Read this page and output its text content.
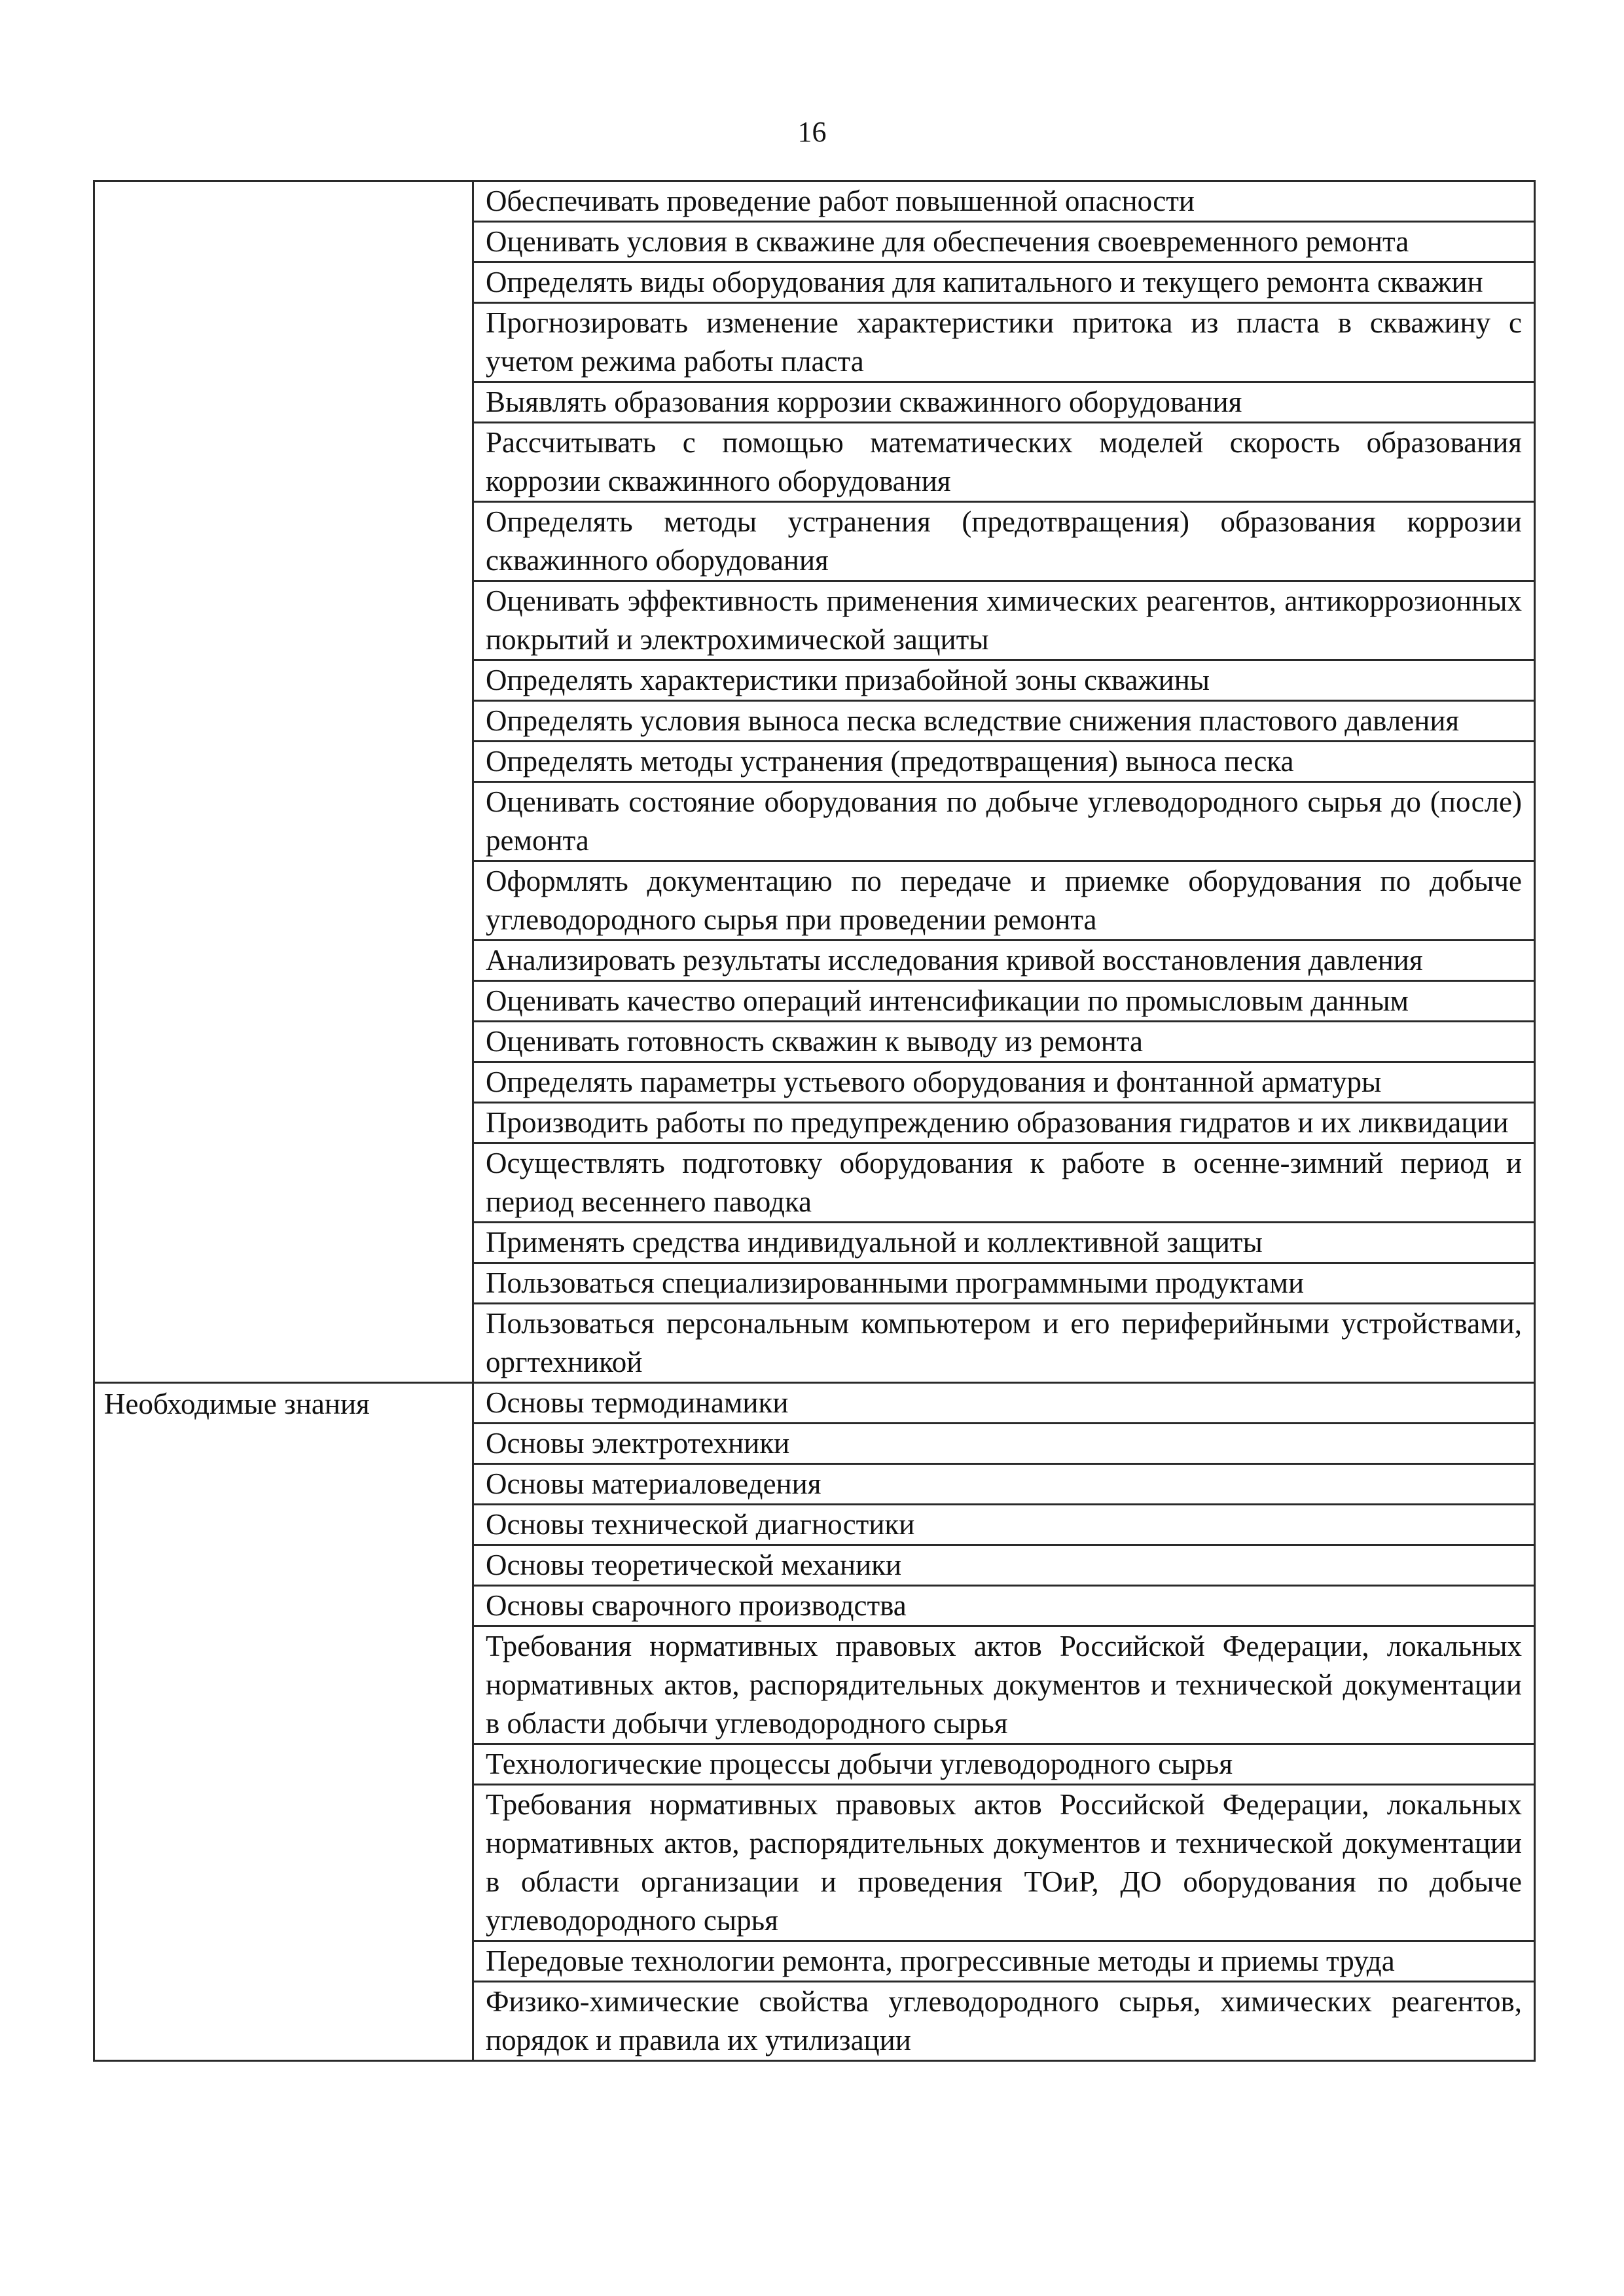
16
	Обеспечивать проведение работ повышенной опасности
	Оценивать условия в скважине для обеспечения своевременного ремонта
	Определять виды оборудования для капитального и текущего ремонта скважин
	Прогнозировать изменение характеристики притока из пласта в скважину с учетом режима работы пласта
	Выявлять образования коррозии скважинного оборудования
	Рассчитывать с помощью математических моделей скорость образования коррозии скважинного оборудования
	Определять методы устранения (предотвращения) образования коррозии скважинного оборудования
	Оценивать эффективность применения химических реагентов, антикоррозионных покрытий и электрохимической защиты
	Определять характеристики призабойной зоны скважины
	Определять условия выноса песка вследствие снижения пластового давления
	Определять методы устранения (предотвращения) выноса песка
	Оценивать состояние оборудования по добыче углеводородного сырья до (после) ремонта
	Оформлять документацию по передаче и приемке оборудования по добыче углеводородного сырья при проведении ремонта
	Анализировать результаты исследования кривой восстановления давления
	Оценивать качество операций интенсификации по промысловым данным
	Оценивать готовность скважин к выводу из ремонта
	Определять параметры устьевого оборудования и фонтанной арматуры
	Производить работы по предупреждению образования гидратов и их ликвидации
	Осуществлять подготовку оборудования к работе в осенне-зимний период и период весеннего паводка
	Применять средства индивидуальной и коллективной защиты
	Пользоваться специализированными программными продуктами
	Пользоваться персональным компьютером и его периферийными устройствами, оргтехникой
Необходимые знания	Основы термодинамики
	Основы электротехники
	Основы материаловедения
	Основы технической диагностики
	Основы теоретической механики
	Основы сварочного производства
	Требования нормативных правовых актов Российской Федерации, локальных нормативных актов, распорядительных документов и технической документации в области добычи углеводородного сырья
	Технологические процессы добычи углеводородного сырья
	Требования нормативных правовых актов Российской Федерации, локальных нормативных актов, распорядительных документов и технической документации в области организации и проведения ТОиР, ДО оборудования по добыче углеводородного сырья
	Передовые технологии ремонта, прогрессивные методы и приемы труда
	Физико-химические свойства углеводородного сырья, химических реагентов, порядок и правила их утилизации
